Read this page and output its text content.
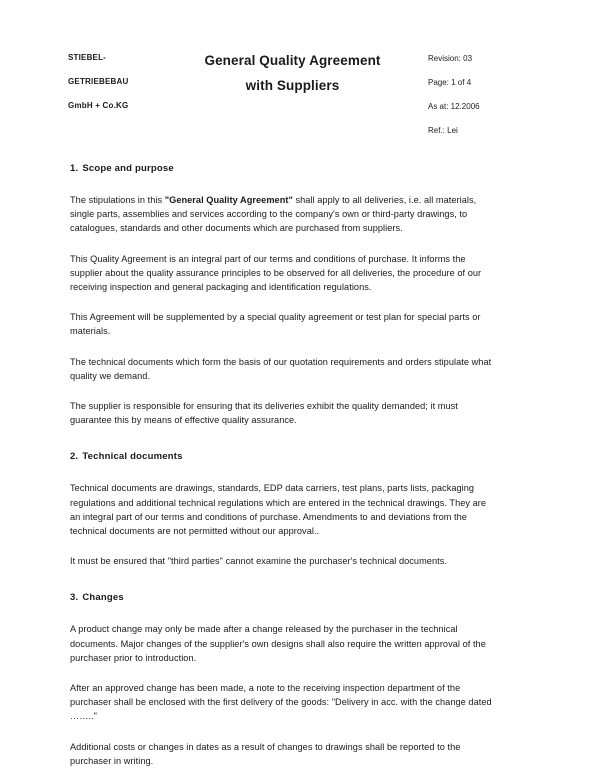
STIEBEL-
GETRIEBEBAU
GmbH + Co.KG
General Quality Agreement
with Suppliers
Revision: 03
Page: 1 of 4
As at: 12.2006
Ref.: Lei
1. Scope and purpose

The stipulations in this "General Quality Agreement" shall apply to all deliveries, i.e. all materials, single parts, assemblies and services according to the company's own or third-party drawings, to catalogues, standards and other documents which are purchased from suppliers.

This Quality Agreement is an integral part of our terms and conditions of purchase. It informs the supplier about the quality assurance principles to be observed for all deliveries, the procedure of our receiving inspection and general packaging and identification regulations.

This Agreement will be supplemented by a special quality agreement or test plan for special parts or materials.

The technical documents which form the basis of our quotation requirements and orders stipulate what quality we demand.

The supplier is responsible for ensuring that its deliveries exhibit the quality demanded; it must guarantee this by means of effective quality assurance.

2. Technical documents

Technical documents are drawings, standards, EDP data carriers, test plans, parts lists, packaging regulations and additional technical regulations which are entered in the technical drawings. They are an integral part of our terms and conditions of purchase. Amendments to and deviations from the technical documents are not permitted without our approval..

It must be ensured that "third parties" cannot examine the purchaser's technical documents.

3. Changes

A product change may only be made after a change released by the purchaser in the technical documents. Major changes of the supplier's own designs shall also require the written approval of the purchaser prior to introduction.

After an approved change has been made, a note to the receiving inspection department of the purchaser shall be enclosed with the first delivery of the goods: "Delivery in acc. with the change dated …….."

Additional costs or changes in dates as a result of changes to drawings shall be reported to the purchaser in writing.
